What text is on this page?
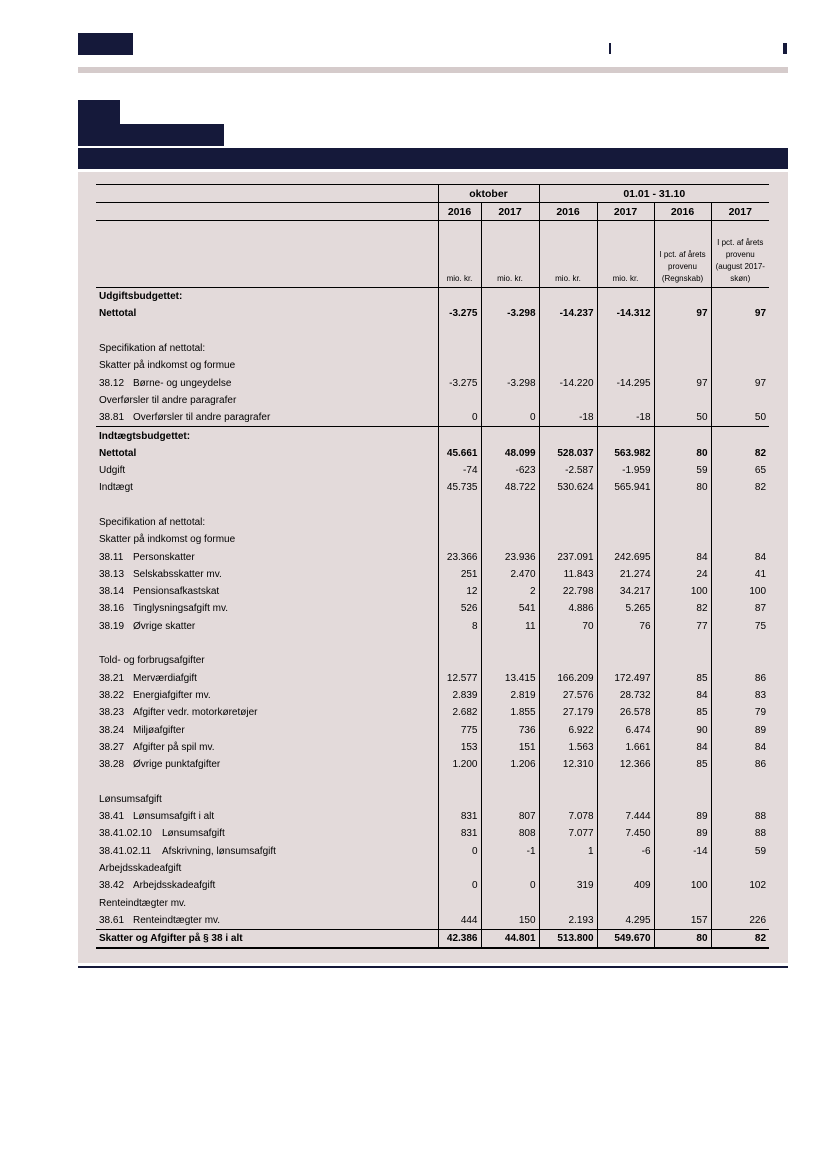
	oktober		01.01 - 31.10			
	2016	2017	2016	2017	2016	2017
	mio. kr.	mio. kr.	mio. kr.	mio. kr.	I pct. af årets provenu (Regnskab)	I pct. af årets provenu (august 2017-skøn)
Udgiftsbudgettet:						
Nettotal	-3.275	-3.298	-14.237	-14.312	97	97

Specifikation af nettotal:						
Skatter på indkomst og formue						
38.12 Børne- og ungeydelse	-3.275	-3.298	-14.220	-14.295	97	97
Overførsler til andre paragrafer						
38.81 Overførsler til andre paragrafer	0	0	-18	-18	50	50
Indtægtsbudgettet:						
Nettotal	45.661	48.099	528.037	563.982	80	82
Udgift	-74	-623	-2.587	-1.959	59	65
Indtægt	45.735	48.722	530.624	565.941	80	82

Specifikation af nettotal:						
Skatter på indkomst og formue						
38.11 Personskatter	23.366	23.936	237.091	242.695	84	84
38.13 Selskabsskatter mv.	251	2.470	11.843	21.274	24	41
38.14 Pensionsafkastskat	12	2	22.798	34.217	100	100
38.16 Tinglysningsafgift mv.	526	541	4.886	5.265	82	87
38.19 Øvrige skatter	8	11	70	76	77	75

Told- og forbrugsafgifter						
38.21 Merværdiafgift	12.577	13.415	166.209	172.497	85	86
38.22 Energiafgifter mv.	2.839	2.819	27.576	28.732	84	83
38.23 Afgifter vedr. motorkøretøjer	2.682	1.855	27.179	26.578	85	79
38.24 Miljøafgifter	775	736	6.922	6.474	90	89
38.27 Afgifter på spil mv.	153	151	1.563	1.661	84	84
38.28 Øvrige punktafgifter	1.200	1.206	12.310	12.366	85	86

Lønsumsafgift						
38.41 Lønsumsafgift i alt	831	807	7.078	7.444	89	88
38.41.02.10 Lønsumsafgift	831	808	7.077	7.450	89	88
38.41.02.11 Afskrivning, lønsumsafgift	0	-1	1	-6	-14	59
Arbejdsskadeafgift						
38.42 Arbejdsskadeafgift	0	0	319	409	100	102
Renteindtægter mv.						
38.61 Renteindtægter mv.	444	150	2.193	4.295	157	226
Skatter og Afgifter på § 38 i alt	42.386	44.801	513.800	549.670	80	82
